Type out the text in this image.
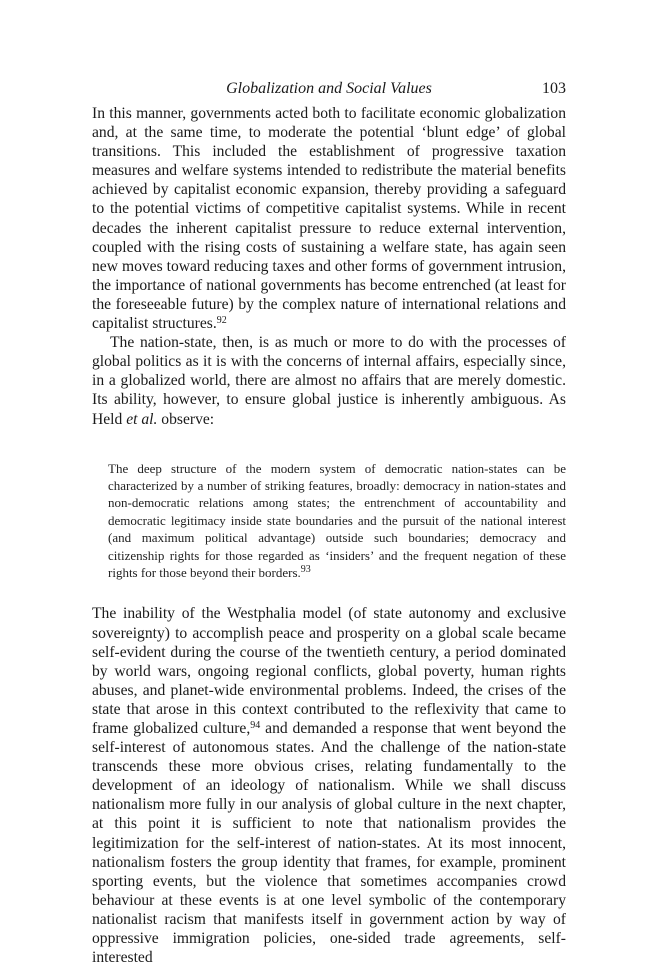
Globalization and Social Values	103

In this manner, governments acted both to facilitate economic globalization and, at the same time, to moderate the potential ‘blunt edge’ of global transitions. This included the establishment of progressive taxation measures and welfare systems intended to redistribute the material benefits achieved by capitalist economic expansion, thereby providing a safeguard to the potential victims of competitive capitalist systems. While in recent decades the inherent capitalist pressure to reduce external intervention, coupled with the rising costs of sustaining a welfare state, has again seen new moves toward reducing taxes and other forms of government intrusion, the importance of national governments has become entrenched (at least for the foreseeable future) by the complex nature of international relations and capitalist structures.$^{92}$

The nation-state, then, is as much or more to do with the processes of global politics as it is with the concerns of internal affairs, especially since, in a globalized world, there are almost no affairs that are merely domestic. Its ability, however, to ensure global justice is inherently ambiguous. As Held et al. observe:

The deep structure of the modern system of democratic nation-states can be characterized by a number of striking features, broadly: democracy in nation-states and non-democratic relations among states; the entrenchment of accountability and democratic legitimacy inside state boundaries and the pursuit of the national interest (and maximum political advantage) outside such boundaries; democracy and citizenship rights for those regarded as ‘insiders’ and the frequent negation of these rights for those beyond their borders.$^{93}$

The inability of the Westphalia model (of state autonomy and exclusive sovereignty) to accomplish peace and prosperity on a global scale became self-evident during the course of the twentieth century, a period dominated by world wars, ongoing regional conflicts, global poverty, human rights abuses, and planet-wide environmental problems. Indeed, the crises of the state that arose in this context contributed to the reflexivity that came to frame globalized culture,$^{94}$ and demanded a response that went beyond the self-interest of autonomous states. And the challenge of the nation-state transcends these more obvious crises, relating fundamentally to the development of an ideology of nationalism. While we shall discuss nationalism more fully in our analysis of global culture in the next chapter, at this point it is sufficient to note that nationalism provides the legitimization for the self-interest of nation-states. At its most innocent, nationalism fosters the group identity that frames, for example, prominent sporting events, but the violence that sometimes accompanies crowd behaviour at these events is at one level symbolic of the contemporary nationalist racism that manifests itself in government action by way of oppressive immigration policies, one-sided trade agreements, self-interested
